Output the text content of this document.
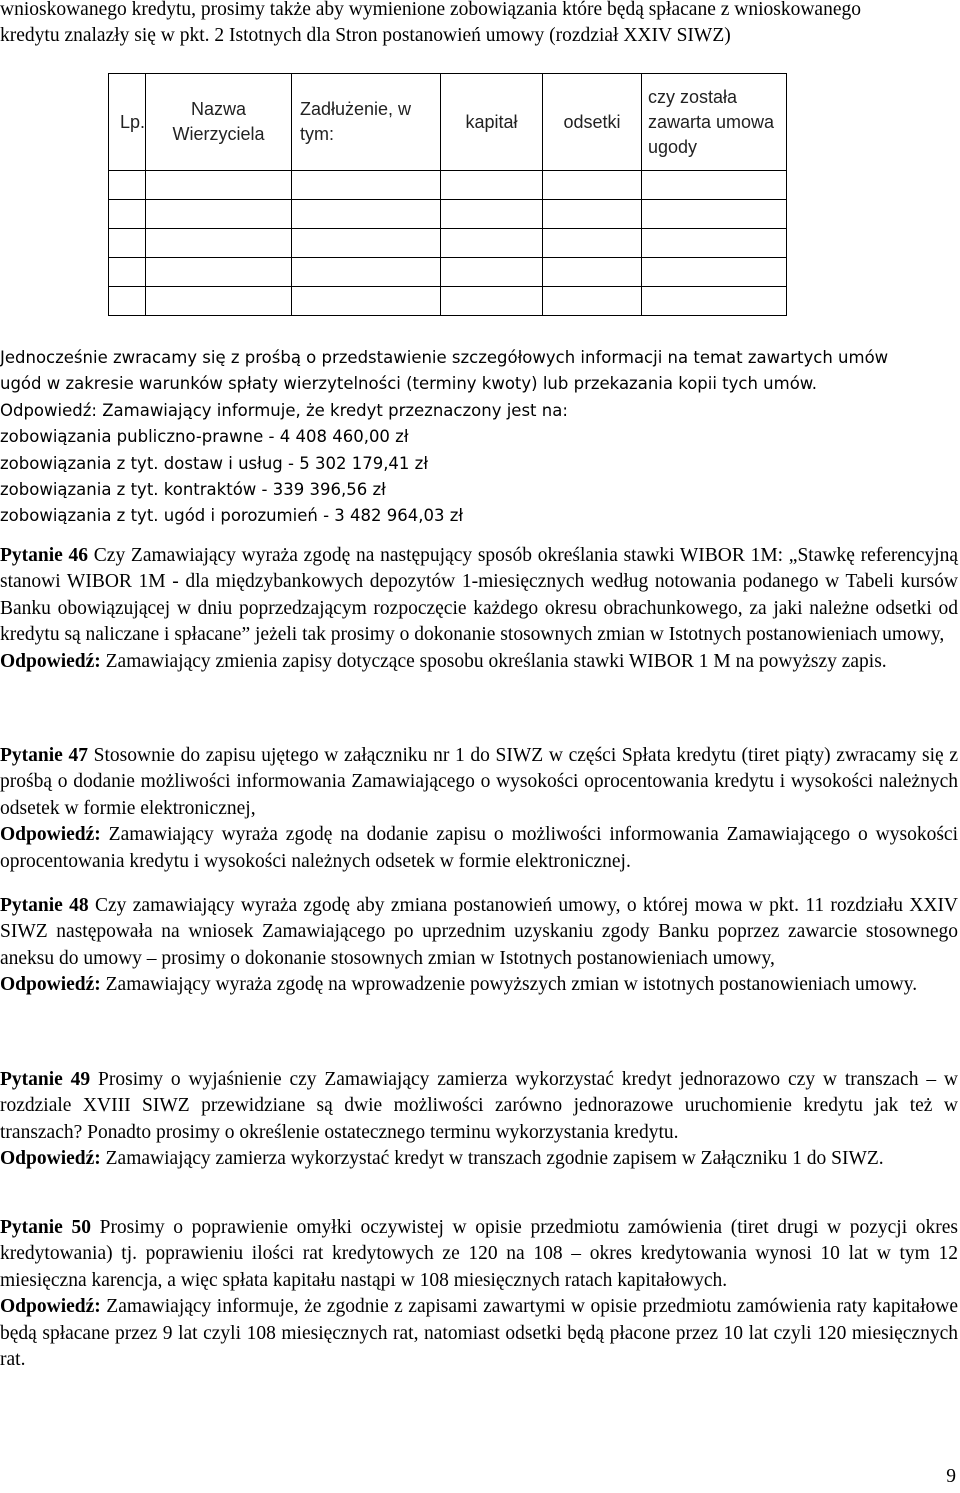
wnioskowanego kredytu, prosimy także aby wymienione zobowiązania które będą spłacane z wnioskowanego
kredytu znalazły się w pkt. 2 Istotnych dla Stron postanowień umowy (rozdział XXIV SIWZ)
Lp.	Nazwa Wierzyciela	Zadłużenie, w tym:	kapitał	odsetki	czy została zawarta umowa ugody

Jednocześnie zwracamy się z prośbą o przedstawienie szczegółowych informacji na temat zawartych umów
ugód w zakresie warunków spłaty wierzytelności (terminy kwoty) lub przekazania kopii tych umów.
Odpowiedź: Zamawiający informuje, że kredyt przeznaczony jest na:
zobowiązania publiczno-prawne - 4 408 460,00 zł
zobowiązania z tyt. dostaw i usług - 5 302 179,41 zł
zobowiązania z tyt. kontraktów - 339 396,56 zł
zobowiązania z tyt. ugód i porozumień - 3 482 964,03 zł
Pytanie 46 Czy Zamawiający wyraża zgodę na następujący sposób określania stawki WIBOR 1M: „Stawkę referencyjną stanowi WIBOR 1M - dla międzybankowych depozytów 1-miesięcznych według notowania podanego w Tabeli kursów Banku obowiązującej w dniu poprzedzającym rozpoczęcie każdego okresu obrachunkowego, za jaki należne odsetki od kredytu są naliczane i spłacane” jeżeli tak prosimy o dokonanie stosownych zmian w Istotnych postanowieniach umowy,
Odpowiedź: Zamawiający zmienia zapisy dotyczące sposobu określania stawki WIBOR 1 M na powyższy zapis.
Pytanie 47 Stosownie do zapisu ujętego w załączniku nr 1 do SIWZ w części Spłata kredytu (tiret piąty) zwracamy się z prośbą o dodanie możliwości informowania Zamawiającego o wysokości oprocentowania kredytu i wysokości należnych odsetek w formie elektronicznej,
Odpowiedź: Zamawiający wyraża zgodę na dodanie zapisu o możliwości informowania Zamawiającego o wysokości oprocentowania kredytu i wysokości należnych odsetek w formie elektronicznej.
Pytanie 48 Czy zamawiający wyraża zgodę aby zmiana postanowień umowy, o której mowa w pkt. 11 rozdziału XXIV SIWZ następowała na wniosek Zamawiającego po uprzednim uzyskaniu zgody Banku poprzez zawarcie stosownego aneksu do umowy – prosimy o dokonanie stosownych zmian w Istotnych postanowieniach umowy,
Odpowiedź: Zamawiający wyraża zgodę na wprowadzenie powyższych zmian w istotnych postanowieniach umowy.
Pytanie 49 Prosimy o wyjaśnienie czy Zamawiający zamierza wykorzystać kredyt jednorazowo czy w transzach – w rozdziale XVIII SIWZ przewidziane są dwie możliwości zarówno jednorazowe uruchomienie kredytu jak też w transzach? Ponadto prosimy o określenie ostatecznego terminu wykorzystania kredytu.
Odpowiedź: Zamawiający zamierza wykorzystać kredyt w transzach zgodnie zapisem w Załączniku 1 do SIWZ.
Pytanie 50 Prosimy o poprawienie omyłki oczywistej w opisie przedmiotu zamówienia (tiret drugi w pozycji okres kredytowania) tj. poprawieniu ilości rat kredytowych ze 120 na 108 – okres kredytowania wynosi 10 lat w tym 12 miesięczna karencja, a więc spłata kapitału nastąpi w 108 miesięcznych ratach kapitałowych.
Odpowiedź: Zamawiający informuje, że zgodnie z zapisami zawartymi w opisie przedmiotu zamówienia raty kapitałowe będą spłacane przez 9 lat czyli 108 miesięcznych rat, natomiast odsetki będą płacone przez 10 lat czyli 120 miesięcznych rat.
9
